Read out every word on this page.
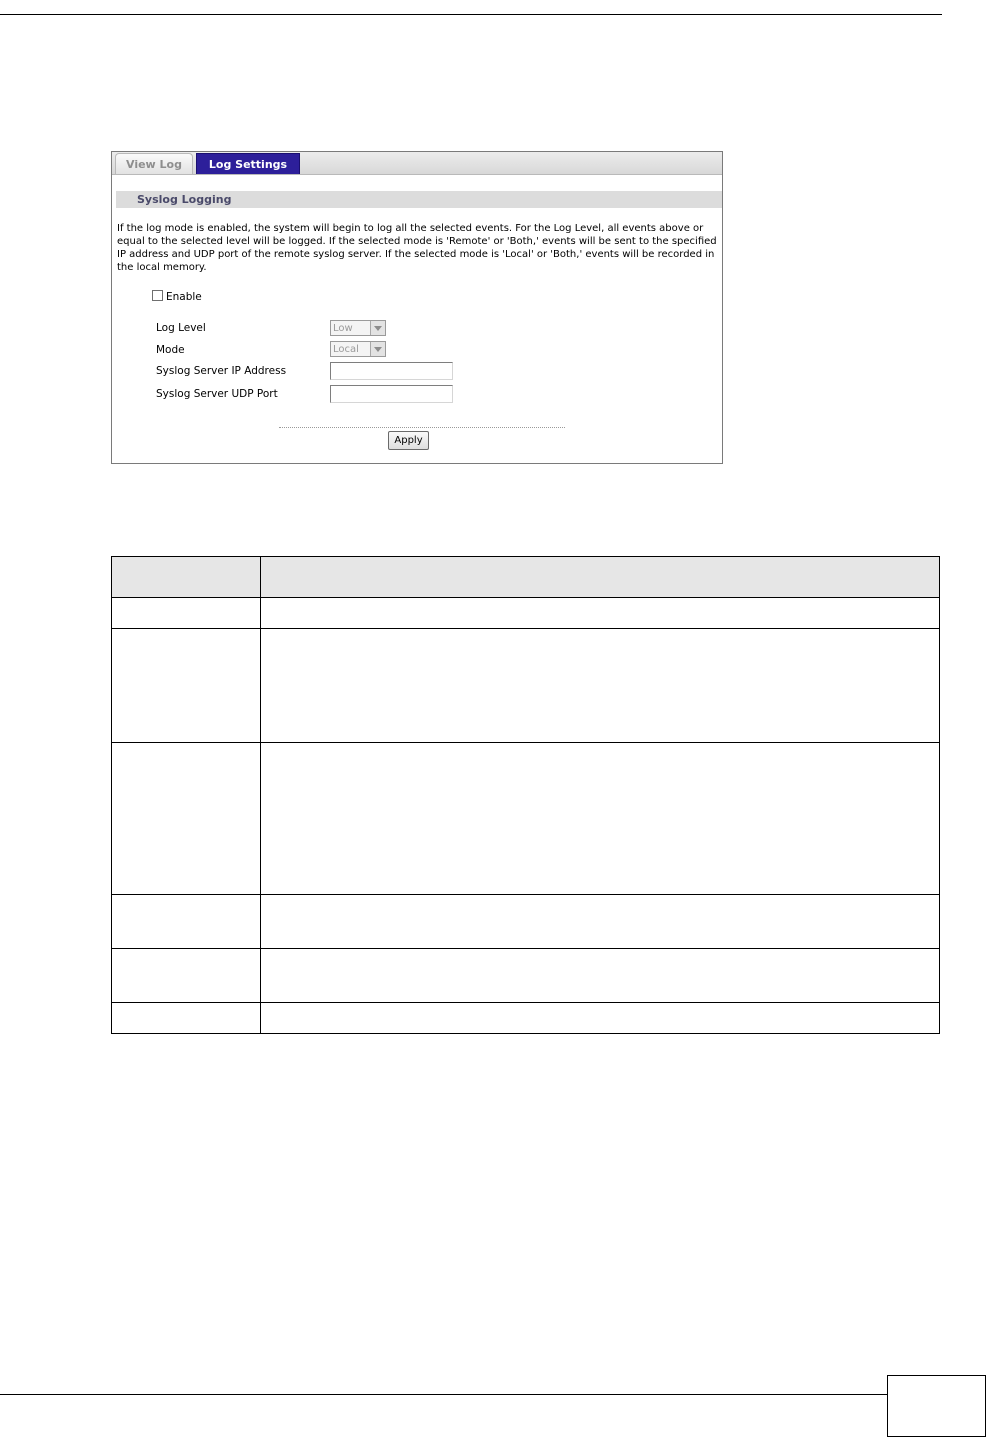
View Log	Log Settings
Syslog Logging
If the log mode is enabled, the system will begin to log all the selected events. For the Log Level, all events above or equal to the selected level will be logged. If the selected mode is 'Remote' or 'Both,' events will be sent to the specified IP address and UDP port of the remote syslog server. If the selected mode is 'Local' or 'Both,' events will be recorded in the local memory.
Enable
Log Level	Low
Mode	Local
Syslog Server IP Address
Syslog Server UDP Port
Apply
